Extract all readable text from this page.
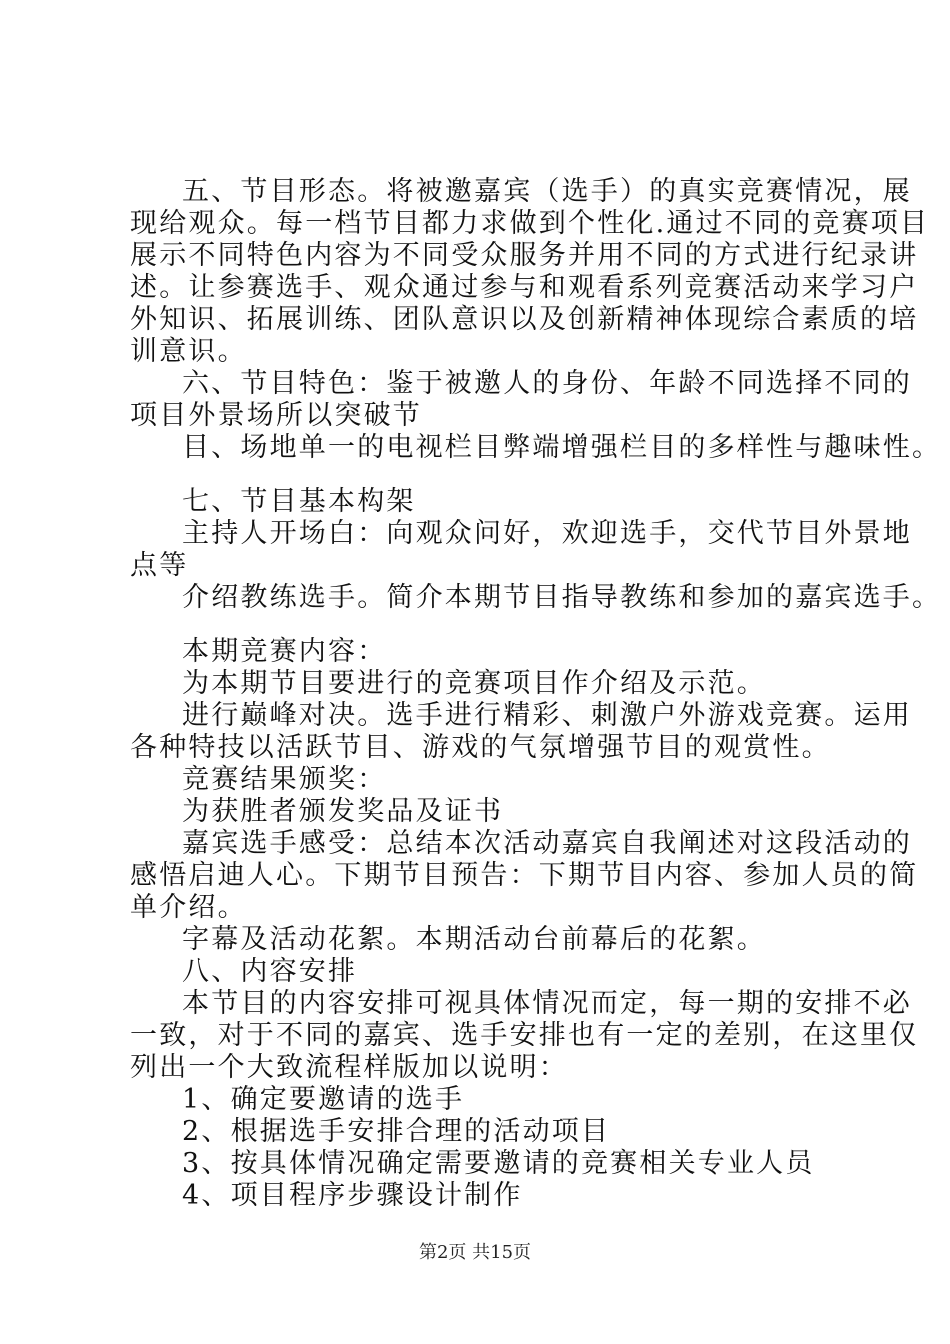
五、节目形态。将被邀嘉宾（选手）的真实竞赛情况，展
现给观众。每一档节目都力求做到个性化.通过不同的竞赛项目
展示不同特色内容为不同受众服务并用不同的方式进行纪录讲
述。让参赛选手、观众通过参与和观看系列竞赛活动来学习户
外知识、拓展训练、团队意识以及创新精神体现综合素质的培
训意识。
六、节目特色：鉴于被邀人的身份、年龄不同选择不同的
项目外景场所以突破节
目、场地单一的电视栏目弊端增强栏目的多样性与趣味性。
七、节目基本构架
主持人开场白：向观众问好，欢迎选手，交代节目外景地
点等
介绍教练选手。简介本期节目指导教练和参加的嘉宾选手。
本期竞赛内容：
为本期节目要进行的竞赛项目作介绍及示范。
进行巅峰对决。选手进行精彩、刺激户外游戏竞赛。运用
各种特技以活跃节目、游戏的气氛增强节目的观赏性。
竞赛结果颁奖：
为获胜者颁发奖品及证书
嘉宾选手感受：总结本次活动嘉宾自我阐述对这段活动的
感悟启迪人心。下期节目预告：下期节目内容、参加人员的简
单介绍。
字幕及活动花絮。本期活动台前幕后的花絮。
八、内容安排
本节目的内容安排可视具体情况而定，每一期的安排不必
一致，对于不同的嘉宾、选手安排也有一定的差别，在这里仅
列出一个大致流程样版加以说明：
1、确定要邀请的选手
2、根据选手安排合理的活动项目
3、按具体情况确定需要邀请的竞赛相关专业人员
4、项目程序步骤设计制作
第2页 共15页
